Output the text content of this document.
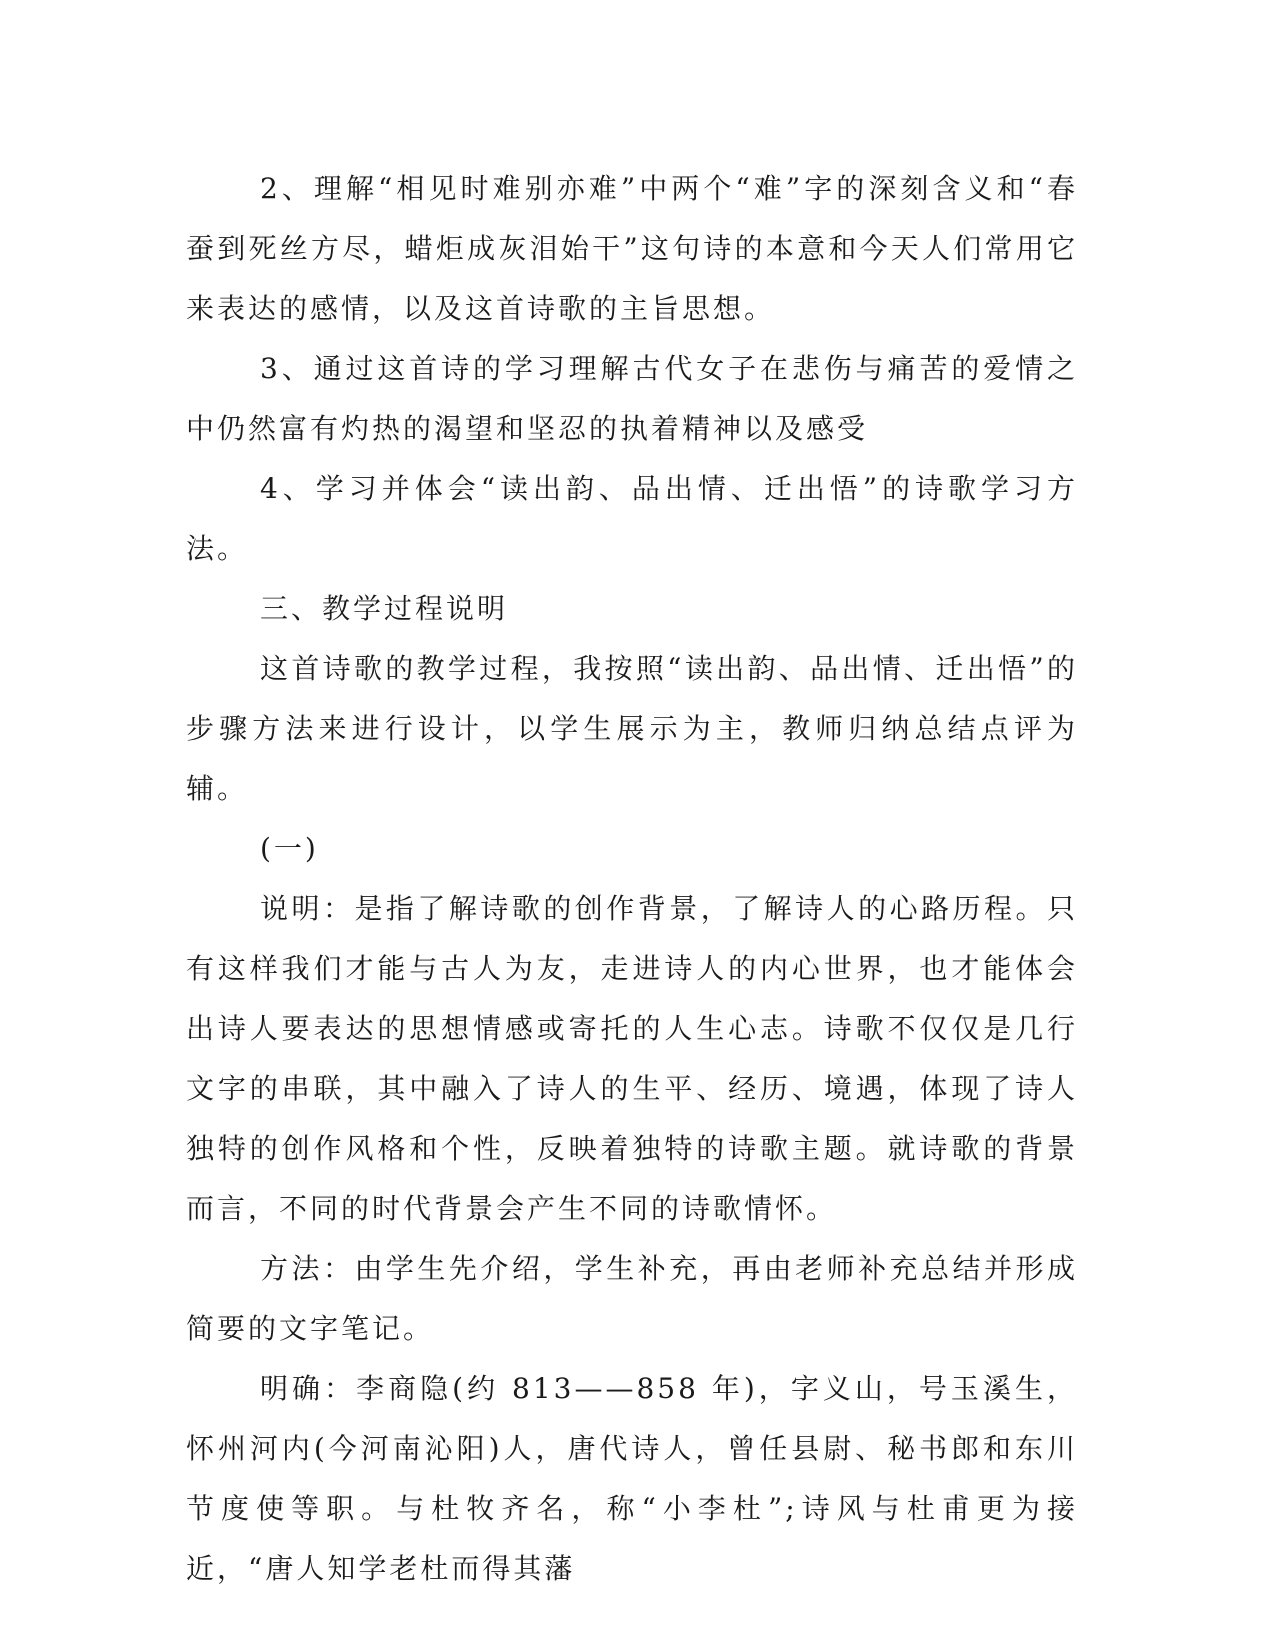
2、理解“相见时难别亦难”中两个“难”字的深刻含义和“春蚕到死丝方尽，蜡炬成灰泪始干”这句诗的本意和今天人们常用它来表达的感情，以及这首诗歌的主旨思想。

3、通过这首诗的学习理解古代女子在悲伤与痛苦的爱情之中仍然富有灼热的渴望和坚忍的执着精神以及感受

4、学习并体会“读出韵、品出情、迁出悟”的诗歌学习方法。

三、教学过程说明

这首诗歌的教学过程，我按照“读出韵、品出情、迁出悟”的步骤方法来进行设计，以学生展示为主，教师归纳总结点评为辅。

(一)

说明：是指了解诗歌的创作背景，了解诗人的心路历程。只有这样我们才能与古人为友，走进诗人的内心世界，也才能体会出诗人要表达的思想情感或寄托的人生心志。诗歌不仅仅是几行文字的串联，其中融入了诗人的生平、经历、境遇，体现了诗人独特的创作风格和个性，反映着独特的诗歌主题。就诗歌的背景而言，不同的时代背景会产生不同的诗歌情怀。

方法：由学生先介绍，学生补充，再由老师补充总结并形成简要的文字笔记。

明确：李商隐(约 813——858 年)，字义山，号玉溪生，怀州河内(今河南沁阳)人，唐代诗人，曾任县尉、秘书郎和东川节度使等职。与杜牧齐名，称“小李杜”;诗风与杜甫更为接近，“唐人知学老杜而得其藩
